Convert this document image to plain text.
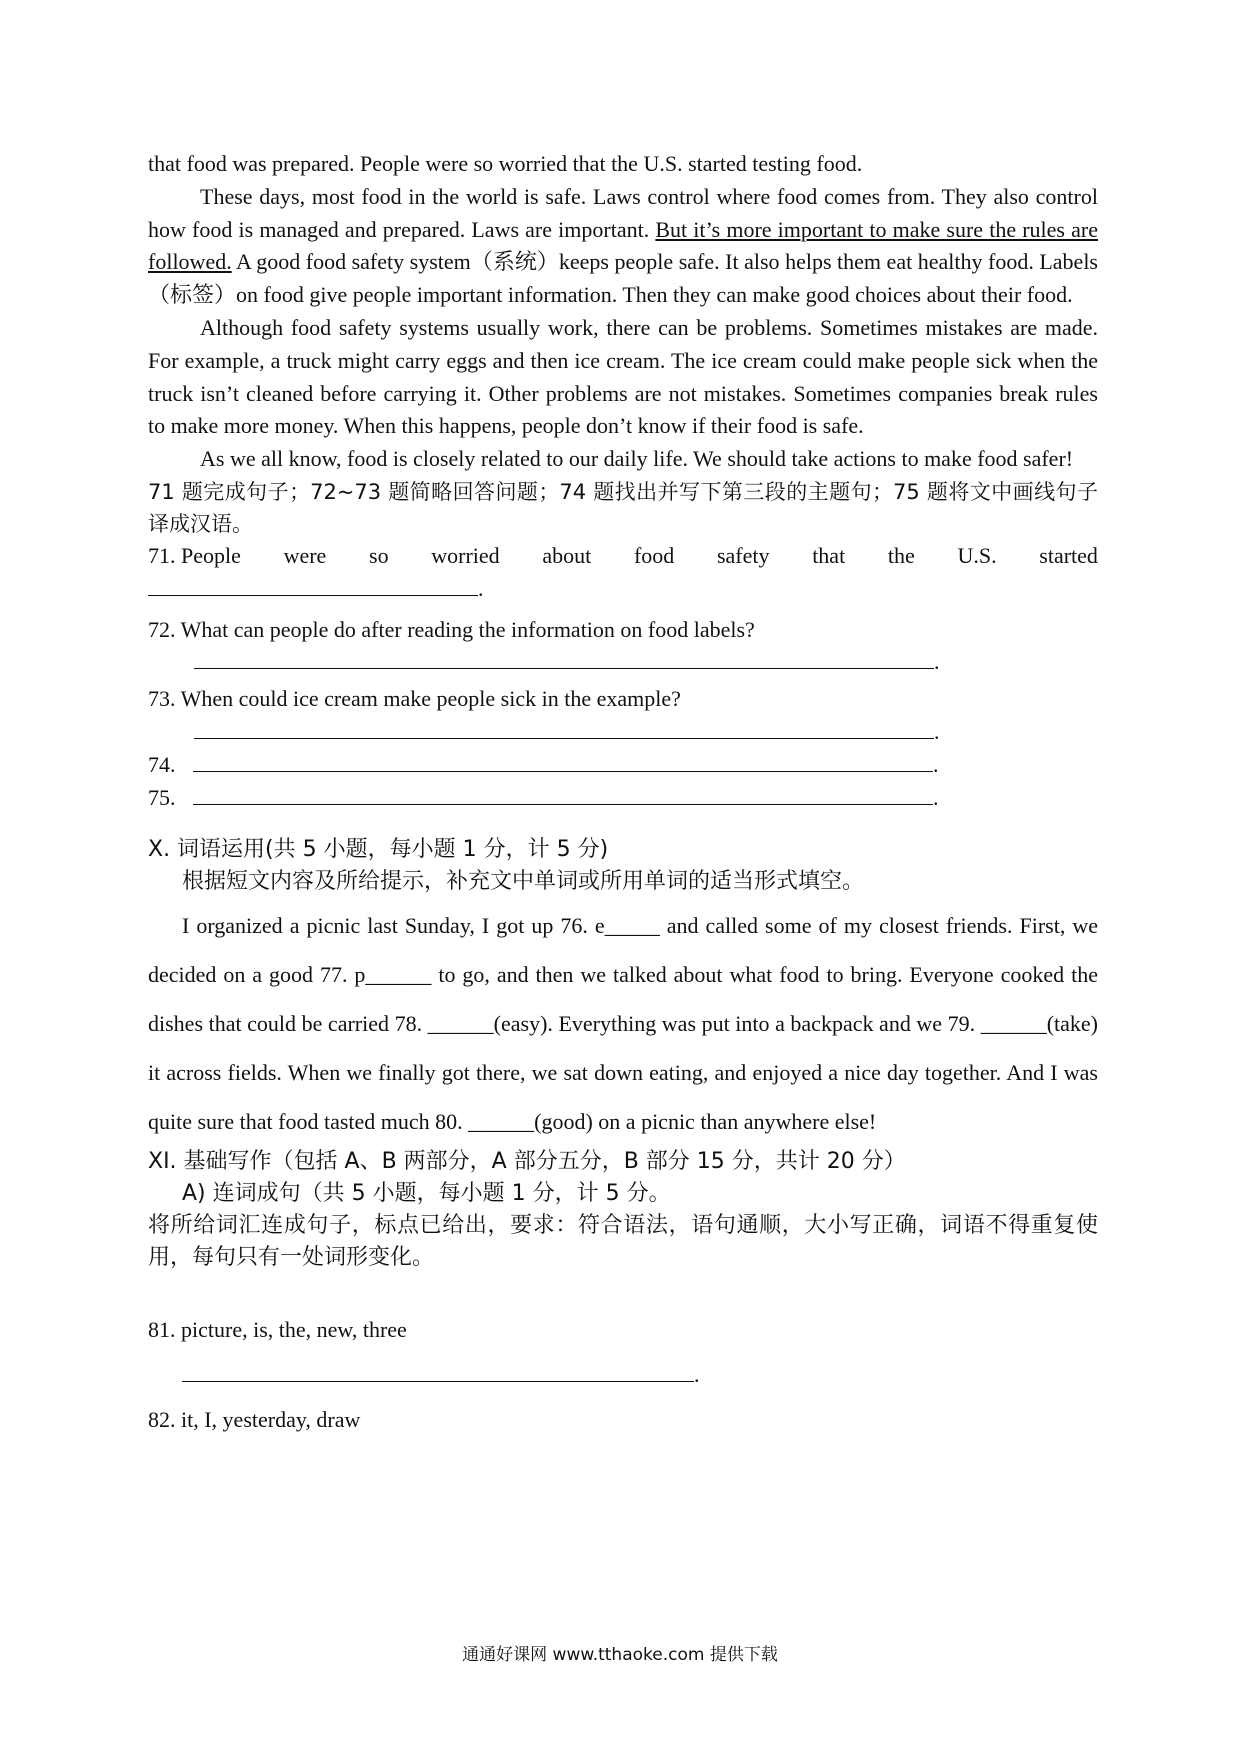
that food was prepared. People were so worried that the U.S. started testing food.

These days, most food in the world is safe. Laws control where food comes from. They also control how food is managed and prepared. Laws are important. But it’s more important to make sure the rules are followed. A good food safety system（系统）keeps people safe. It also helps them eat healthy food. Labels（标签）on food give people important information. Then they can make good choices about their food.

Although food safety systems usually work, there can be problems. Sometimes mistakes are made. For example, a truck might carry eggs and then ice cream. The ice cream could make people sick when the truck isn’t cleaned before carrying it. Other problems are not mistakes. Sometimes companies break rules to make more money. When this happens, people don’t know if their food is safe.

As we all know, food is closely related to our daily life. We should take actions to make food safer!

71 题完成句子；72~73 题简略回答问题；74 题找出并写下第三段的主题句；75 题将文中画线句子译成汉语。

71. People were so worried about food safety that the U.S. started
.

72. What can people do after reading the information on food labels?

.

73. When could ice cream make people sick in the example?

.
74.	.
75.	.

X. 词语运用(共 5 小题，每小题 1 分，计 5 分)

根据短文内容及所给提示，补充文中单词或所用单词的适当形式填空。

I organized a picnic last Sunday, I got up 76. e_____ and called some of my closest friends. First, we decided on a good 77. p______ to go, and then we talked about what food to bring. Everyone cooked the dishes that could be carried 78. ______(easy). Everything was put into a backpack and we 79. ______(take) it across fields. When we finally got there, we sat down eating, and enjoyed a nice day together. And I was quite sure that food tasted much 80. ______(good) on a picnic than anywhere else!

XI. 基础写作（包括 A、B 两部分，A 部分五分，B 部分 15 分，共计 20 分）

A) 连词成句（共 5 小题，每小题 1 分，计 5 分。

将所给词汇连成句子，标点已给出，要求：符合语法，语句通顺，大小写正确，词语不得重复使用，每句只有一处词形变化。

81. picture, is, the, new, three

.

82. it, I, yesterday, draw

通通好课网 www.tthaoke.com 提供下载
